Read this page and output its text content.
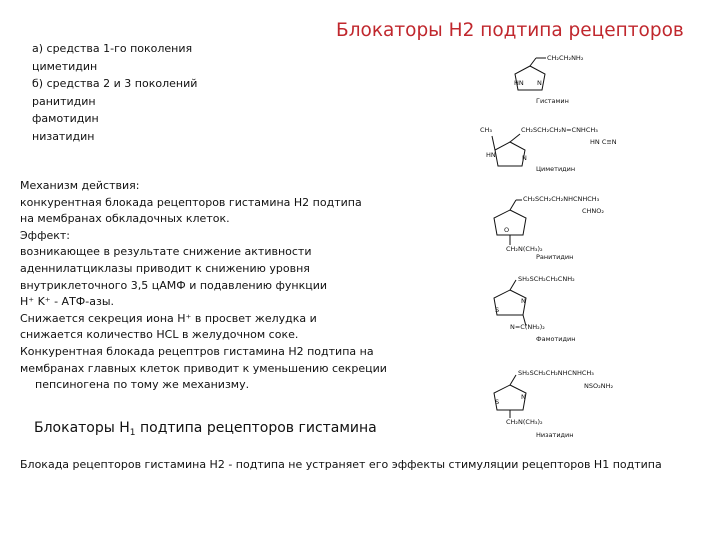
Блокаторы Н2 подтипа рецепторов
а) средства 1-го поколения
циметидин
б) средства 2 и 3 поколений
ранитидин
фамотидин
низатидин
Механизм действия:
конкурентная блокада рецепторов гистамина Н2 подтипа
на мембранах обкладочных клеток.
Эффект:
возникающее в результате снижение активности
аденнилатциклазы приводит к снижению уровня
внутриклеточного 3,5 цАМФ и подавлению функции
H⁺ K⁺ - АТФ-азы.
Снижается секреция иона H⁺ в просвет желудка и
снижается количество HCL в желудочном соке.
Конкурентная блокада рецептров гистамина Н2 подтипа на
мембранах главных клеток приводит к уменьшению секреции
пепсиногена по тому же механизму.
Блокаторы $Н_1$ подтипа рецепторов гистамина
Блокада рецепторов гистамина Н2 - подтипа не устраняет его эффекты стимуляции рецепторов Н1 подтипа
CH₂CH₂NH₂
HN N
Гистамин
CH₃	CH₂SCH₂CH₂N=CNHCH₃
HN C≡N
HN	N
Циметидин
CH₂SCH₂CH₂NHCNHCH₃
CHNO₂
O
CH₂N(CH₃)₂
Ранитидин
SH₂SCH₂CH₂CNH₂
S
N
N=C(NH₂)₂
Фамотидин
SH₂SCH₂CH₂NHCNHCH₃
NSO₂NH₂
S
N
CH₂N(CH₃)₂
Низатидин
